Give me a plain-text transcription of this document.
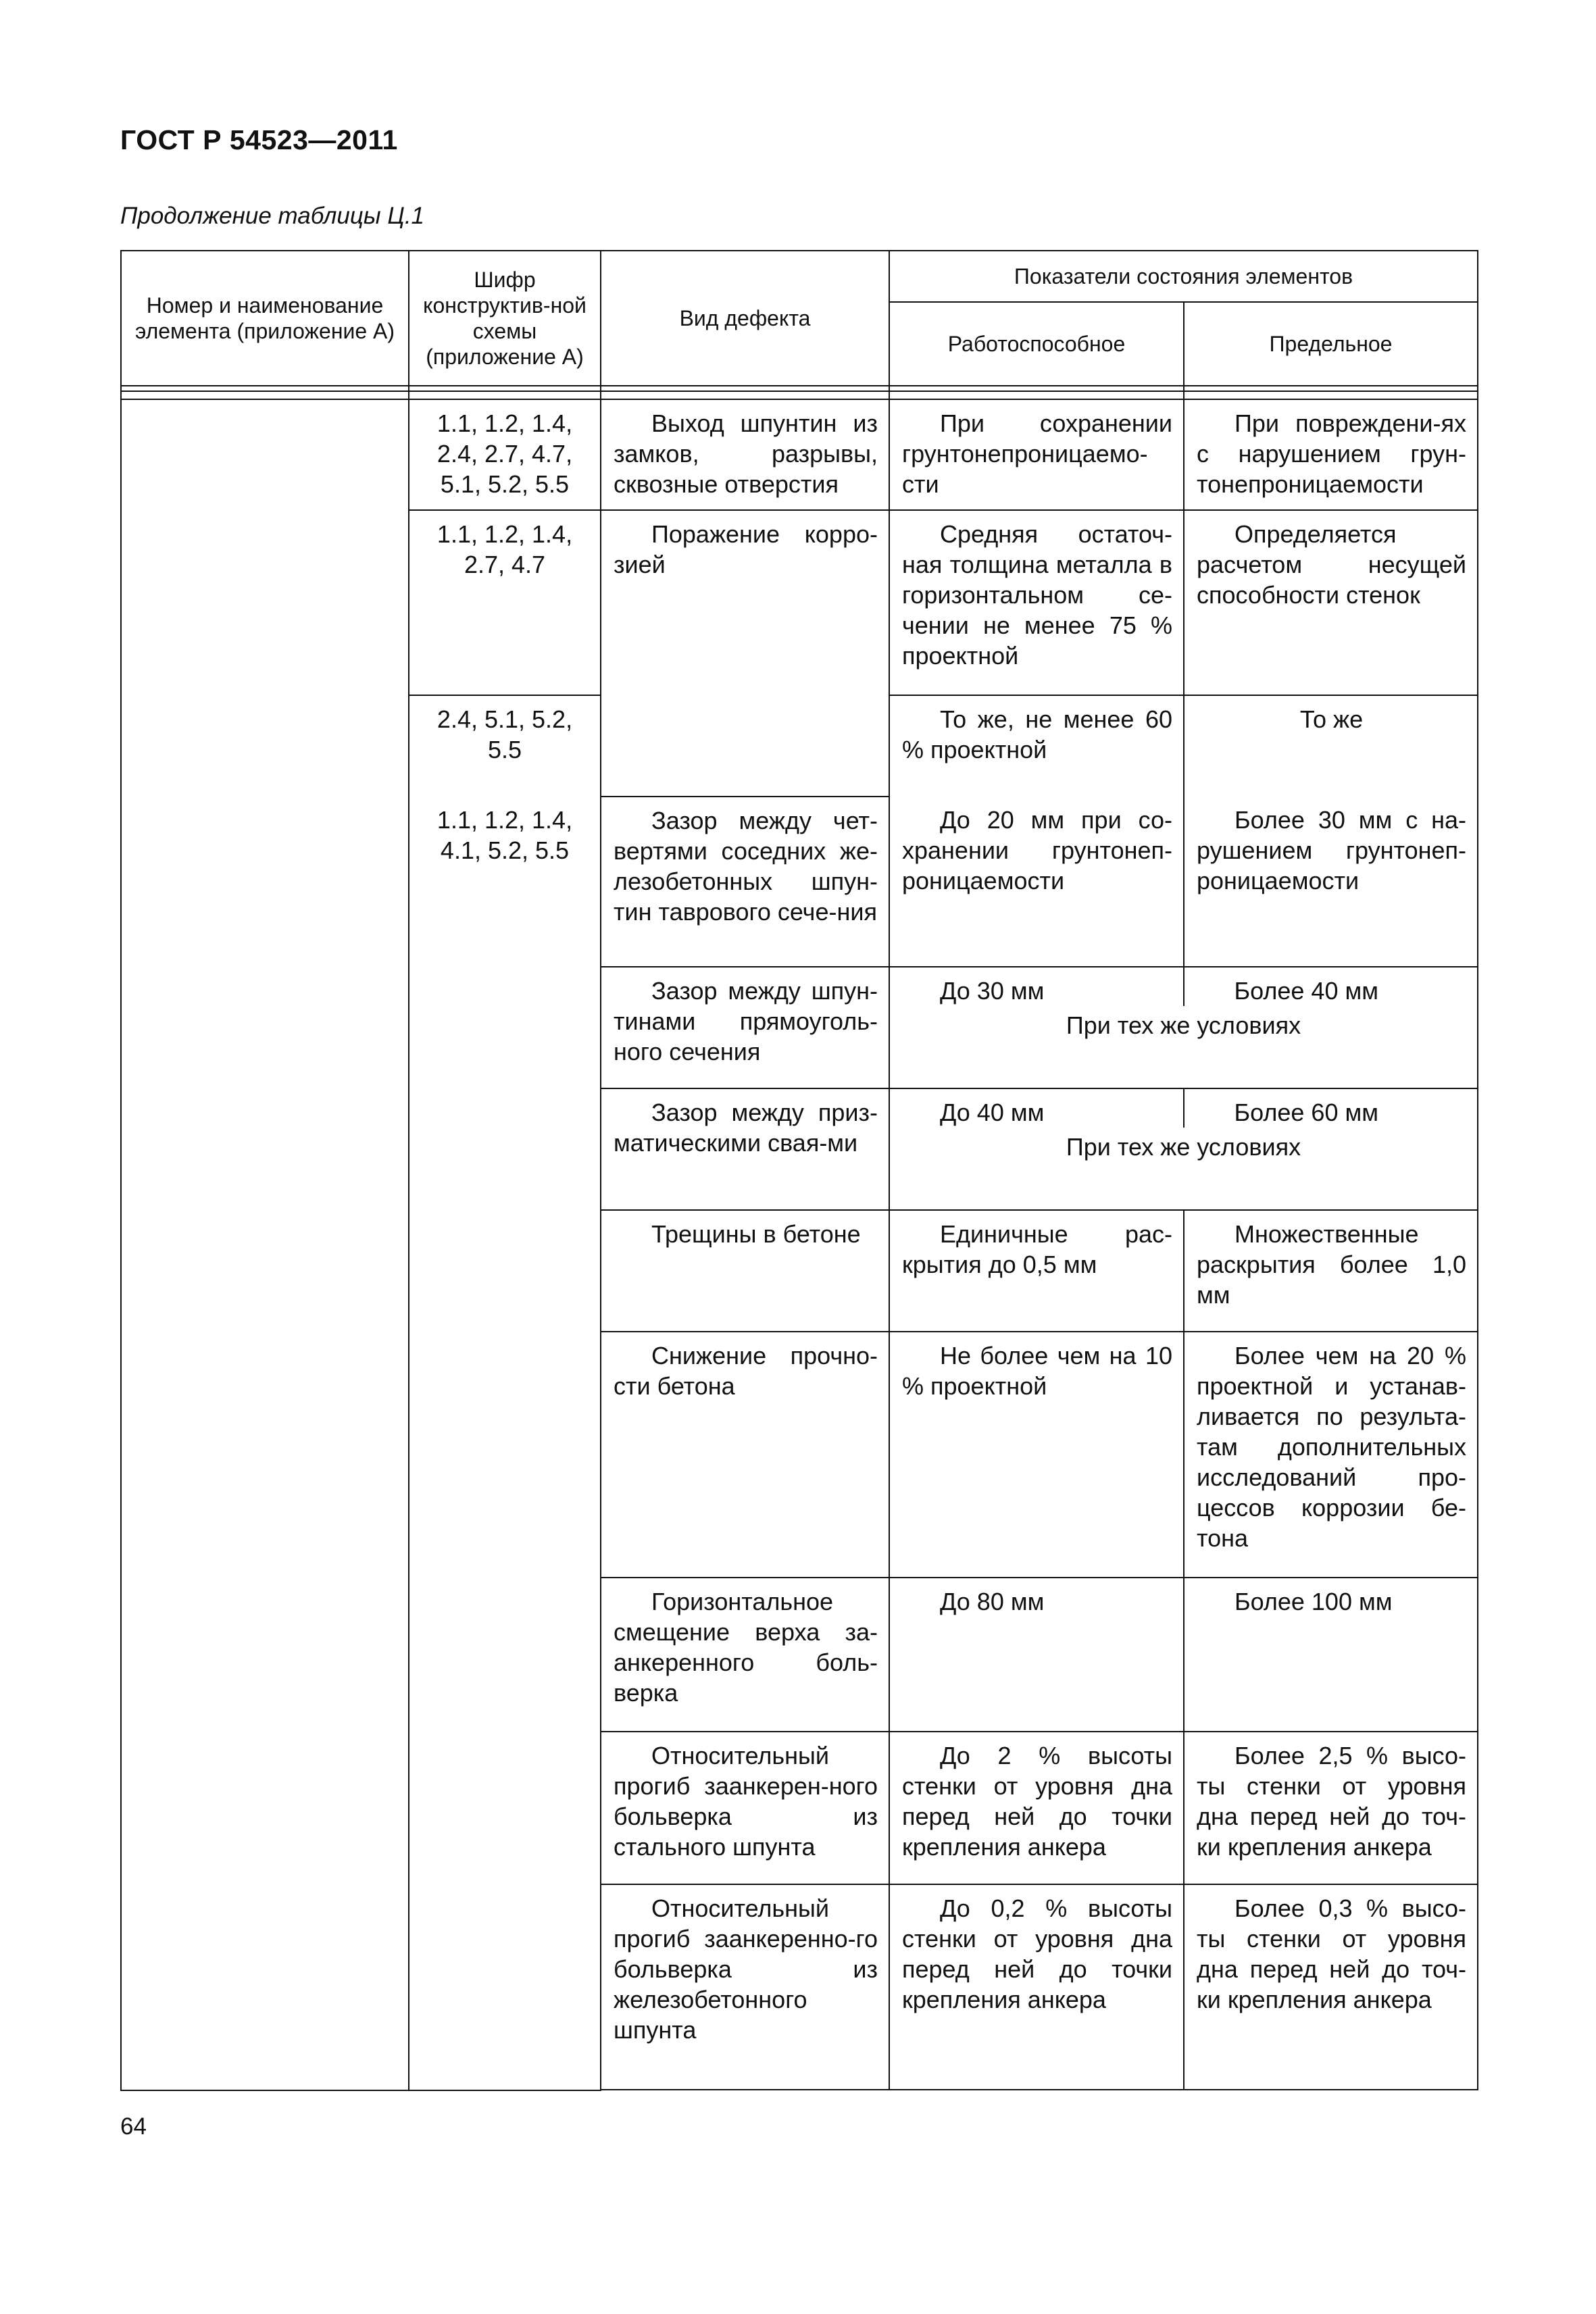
ГОСТ Р 54523—2011
Продолжение таблицы Ц.1
Номер и наименование элемента (приложение А)	Шифр конструктив-ной схемы (приложение А)	Вид дефекта	Показатели состояния элементов	
			Работоспособное	Предельное

	1.1, 1.2, 1.4, 2.4, 2.7, 4.7, 5.1, 5.2, 5.5	Выход шпунтин из замков, разрывы, сквозные отверстия	При сохранении грунтонепроницаемо-сти	При повреждени-ях с нарушением грун-тонепроницаемости
	1.1, 1.2, 1.4, 2.7, 4.7	Поражение корро-зией	Средняя остаточ-ная толщина металла в горизонтальном се-чении не менее 75 % проектной	Определяется расчетом несущей способности стенок
	2.4, 5.1, 5.2, 5.5		То же, не менее 60 % проектной	То же
	1.1, 1.2, 1.4, 4.1, 5.2, 5.5	Зазор между чет-вертями соседних же-лезобетонных шпун-тин таврового сече-ния	До 20 мм при со-хранении грунтонеп-роницаемости	Более 30 мм с на-рушением грунтонеп-роницаемости
		Зазор между шпун-тинами прямоуголь-ного сечения	До 30 мм Более 40 мм
При тех же условиях	

		Зазор между приз-матическими свая-ми	До 40 мм Более 60 мм
При тех же условиях	

		Трещины в бетоне	Единичные рас-крытия до 0,5 мм	Множественные раскрытия более 1,0 мм
		Снижение прочно-сти бетона	Не более чем на 10 % проектной	Более чем на 20 % проектной и устанав-ливается по результа-там дополнительных исследований про-цессов коррозии бе-тона
		Горизонтальное смещение верха за-анкеренного боль-верка	До 80 мм	Более 100 мм
		Относительный прогиб заанкерен-ного больверка из стального шпунта	До 2 % высоты стенки от уровня дна перед ней до точки крепления анкера	Более 2,5 % высо-ты стенки от уровня дна перед ней до точ-ки крепления анкера
		Относительный прогиб заанкеренно-го больверка из железобетонного шпунта	До 0,2 % высоты стенки от уровня дна перед ней до точки крепления анкера	Более 0,3 % высо-ты стенки от уровня дна перед ней до точ-ки крепления анкера

64
